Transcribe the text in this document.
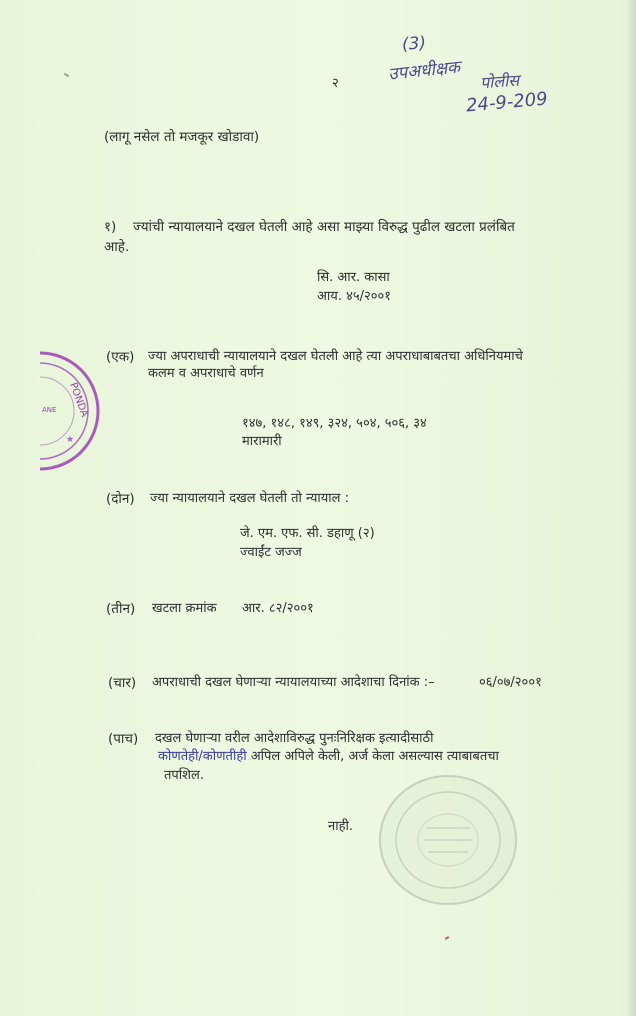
२
(3)
उपअधीक्षक पोलीस
24-9-209
(लागू नसेल तो मजकूर खोडावा)
१) ज्यांची न्यायालयाने दखल घेतली आहे असा माझ्या विरुद्ध पुढील खटला प्रलंबित
आहे.
सि. आर. कासा
आय. ४५/२००१
(एक) ज्या अपराधाची न्यायालयाने दखल घेतली आहे त्या अपराधाबाबतचा अधिनियमाचे
कलम व अपराधाचे वर्णन
१४७, १४८, १४९, ३२४, ५०४, ५०६, ३४
मारामारी
(दोन) ज्या न्यायालयाने दखल घेतली तो न्यायाल :
जे. एम. एफ. सी. डहाणू (२)
ज्वाईंट जज्ज
(तीन) खटला क्रमांक आर. ८२/२००१
(चार) अपराधाची दखल घेणाऱ्या न्यायालयाच्या आदेशाचा दिनांक :–	०६/०७/२००१
(पाच) दखल घेणाऱ्या वरील आदेशाविरुद्ध पुनःनिरिक्षक इत्यादीसाठी
कोणतेही/कोणतीही अपिल अपिले केली, अर्ज केला असल्यास त्याबाबतचा
तपशिल.
नाही.
PONDA
ANE
★
